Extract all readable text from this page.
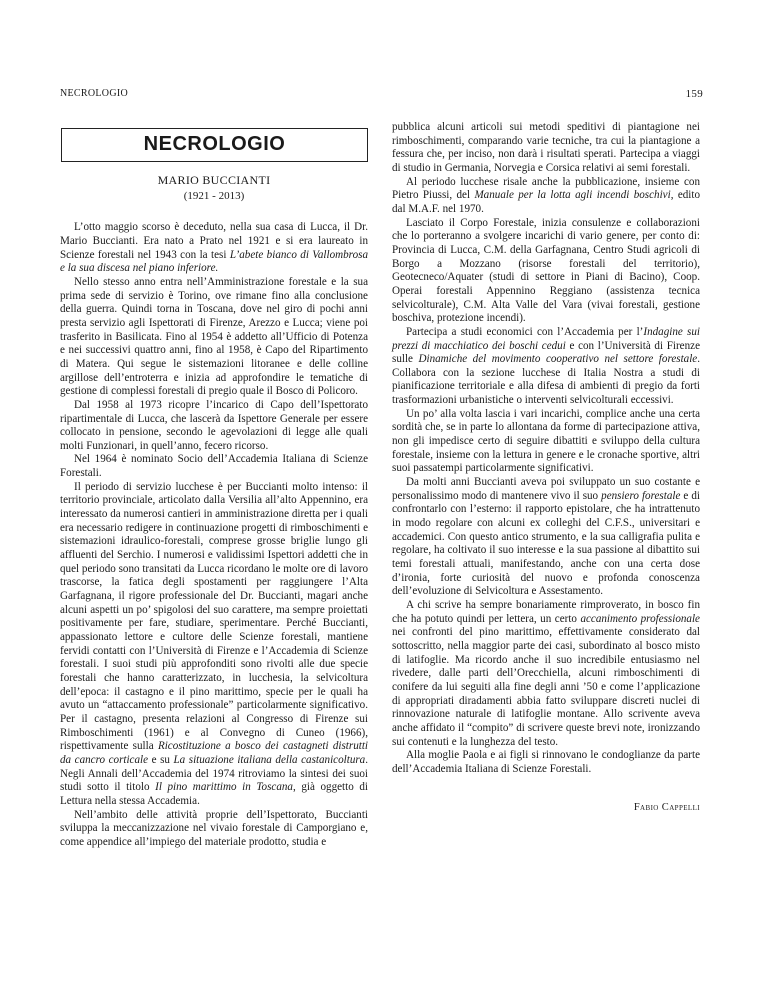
NECROLOGIO	159
NECROLOGIO
MARIO BUCCIANTI
(1921 - 2013)

L’otto maggio scorso è deceduto, nella sua casa di Lucca, il Dr. Mario Buccianti. Era nato a Prato nel 1921 e si era laureato in Scienze forestali nel 1943 con la tesi L’abete bianco di Vallombrosa e la sua discesa nel piano inferiore.

Nello stesso anno entra nell’Amministrazione forestale e la sua prima sede di servizio è Torino, ove rimane fino alla conclusione della guerra. Quindi torna in Toscana, dove nel giro di pochi anni presta servizio agli Ispettorati di Firenze, Arezzo e Lucca; viene poi trasferito in Basilicata. Fino al 1954 è addetto all’Ufficio di Potenza e nei successivi quattro anni, fino al 1958, è Capo del Ripartimento di Matera. Qui segue le sistemazioni litoranee e delle colline argillose dell’entroterra e inizia ad approfondire le tematiche di gestione di complessi forestali di pregio quale il Bosco di Policoro.

Dal 1958 al 1973 ricopre l’incarico di Capo dell’Ispettorato ripartimentale di Lucca, che lascerà da Ispettore Generale per essere collocato in pensione, secondo le agevolazioni di legge alle quali molti Funzionari, in quell’anno, fecero ricorso.

Nel 1964 è nominato Socio dell’Accademia Italiana di Scienze Forestali.

Il periodo di servizio lucchese è per Buccianti molto intenso: il territorio provinciale, articolato dalla Versilia all’alto Appennino, era interessato da numerosi cantieri in amministrazione diretta per i quali era necessario redigere in continuazione progetti di rimboschimenti e sistemazioni idraulico-forestali, comprese grosse briglie lungo gli affluenti del Serchio. I numerosi e validissimi Ispettori addetti che in quel periodo sono transitati da Lucca ricordano le molte ore di lavoro trascorse, la fatica degli spostamenti per raggiungere l’Alta Garfagnana, il rigore professionale del Dr. Buccianti, magari anche alcuni aspetti un po’ spigolosi del suo carattere, ma sempre proiettati positivamente per fare, studiare, sperimentare. Perché Buccianti, appassionato lettore e cultore delle Scienze forestali, mantiene fervidi contatti con l’Università di Firenze e l’Accademia di Scienze forestali. I suoi studi più approfonditi sono rivolti alle due specie forestali che hanno caratterizzato, in lucchesia, la selvicoltura dell’epoca: il castagno e il pino marittimo, specie per le quali ha avuto un “attaccamento professionale” particolarmente significativo. Per il castagno, presenta relazioni al Congresso di Firenze sui Rimboschimenti (1961) e al Convegno di Cuneo (1966), rispettivamente sulla Ricostituzione a bosco dei castagneti distrutti da cancro corticale e su La situazione italiana della castanicoltura. Negli Annali dell’Accademia del 1974 ritroviamo la sintesi dei suoi studi sotto il titolo Il pino marittimo in Toscana, già oggetto di Lettura nella stessa Accademia.

Nell’ambito delle attività proprie dell’Ispettorato, Buccianti sviluppa la meccanizzazione nel vivaio forestale di Camporgiano e, come appendice all’impiego del materiale prodotto, studia e

pubblica alcuni articoli sui metodi speditivi di piantagione nei rimboschimenti, comparando varie tecniche, tra cui la piantagione a fessura che, per inciso, non darà i risultati sperati. Partecipa a viaggi di studio in Germania, Norvegia e Corsica relativi ai semi forestali.

Al periodo lucchese risale anche la pubblicazione, insieme con Pietro Piussi, del Manuale per la lotta agli incendi boschivi, edito dal M.A.F. nel 1970.

Lasciato il Corpo Forestale, inizia consulenze e collaborazioni che lo porteranno a svolgere incarichi di vario genere, per conto di: Provincia di Lucca, C.M. della Garfagnana, Centro Studi agricoli di Borgo a Mozzano (risorse forestali del territorio), Geotecneco/Aquater (studi di settore in Piani di Bacino), Coop. Operai forestali Appennino Reggiano (assistenza tecnica selvicolturale), C.M. Alta Valle del Vara (vivai forestali, gestione boschiva, protezione incendi).

Partecipa a studi economici con l’Accademia per l’Indagine sui prezzi di macchiatico dei boschi cedui e con l’Università di Firenze sulle Dinamiche del movimento cooperativo nel settore forestale. Collabora con la sezione lucchese di Italia Nostra a studi di pianificazione territoriale e alla difesa di ambienti di pregio da forti trasformazioni urbanistiche o interventi selvicolturali eccessivi.

Un po’ alla volta lascia i vari incarichi, complice anche una certa sordità che, se in parte lo allontana da forme di partecipazione attiva, non gli impedisce certo di seguire dibattiti e sviluppo della cultura forestale, insieme con la lettura in genere e le cronache sportive, altri suoi passatempi particolarmente significativi.

Da molti anni Buccianti aveva poi sviluppato un suo costante e personalissimo modo di mantenere vivo il suo pensiero forestale e di confrontarlo con l’esterno: il rapporto epistolare, che ha intrattenuto in modo regolare con alcuni ex colleghi del C.F.S., universitari e accademici. Con questo antico strumento, e la sua calligrafia pulita e regolare, ha coltivato il suo interesse e la sua passione al dibattito sui temi forestali attuali, manifestando, anche con una certa dose d’ironia, forte curiosità del nuovo e profonda conoscenza dell’evoluzione di Selvicoltura e Assestamento.

A chi scrive ha sempre bonariamente rimproverato, in bosco fin che ha potuto quindi per lettera, un certo accanimento professionale nei confronti del pino marittimo, effettivamente considerato dal sottoscritto, nella maggior parte dei casi, subordinato al bosco misto di latifoglie. Ma ricordo anche il suo incredibile entusiasmo nel rivedere, dalle parti dell’Orecchiella, alcuni rimboschimenti di conifere da lui seguiti alla fine degli anni ’50 e come l’applicazione di appropriati diradamenti abbia fatto sviluppare discreti nuclei di rinnovazione naturale di latifoglie montane. Allo scrivente aveva anche affidato il “compito” di scrivere queste brevi note, ironizzando sui contenuti e la lunghezza del testo.

Alla moglie Paola e ai figli si rinnovano le condoglianze da parte dell’Accademia Italiana di Scienze Forestali.

Fabio Cappelli
